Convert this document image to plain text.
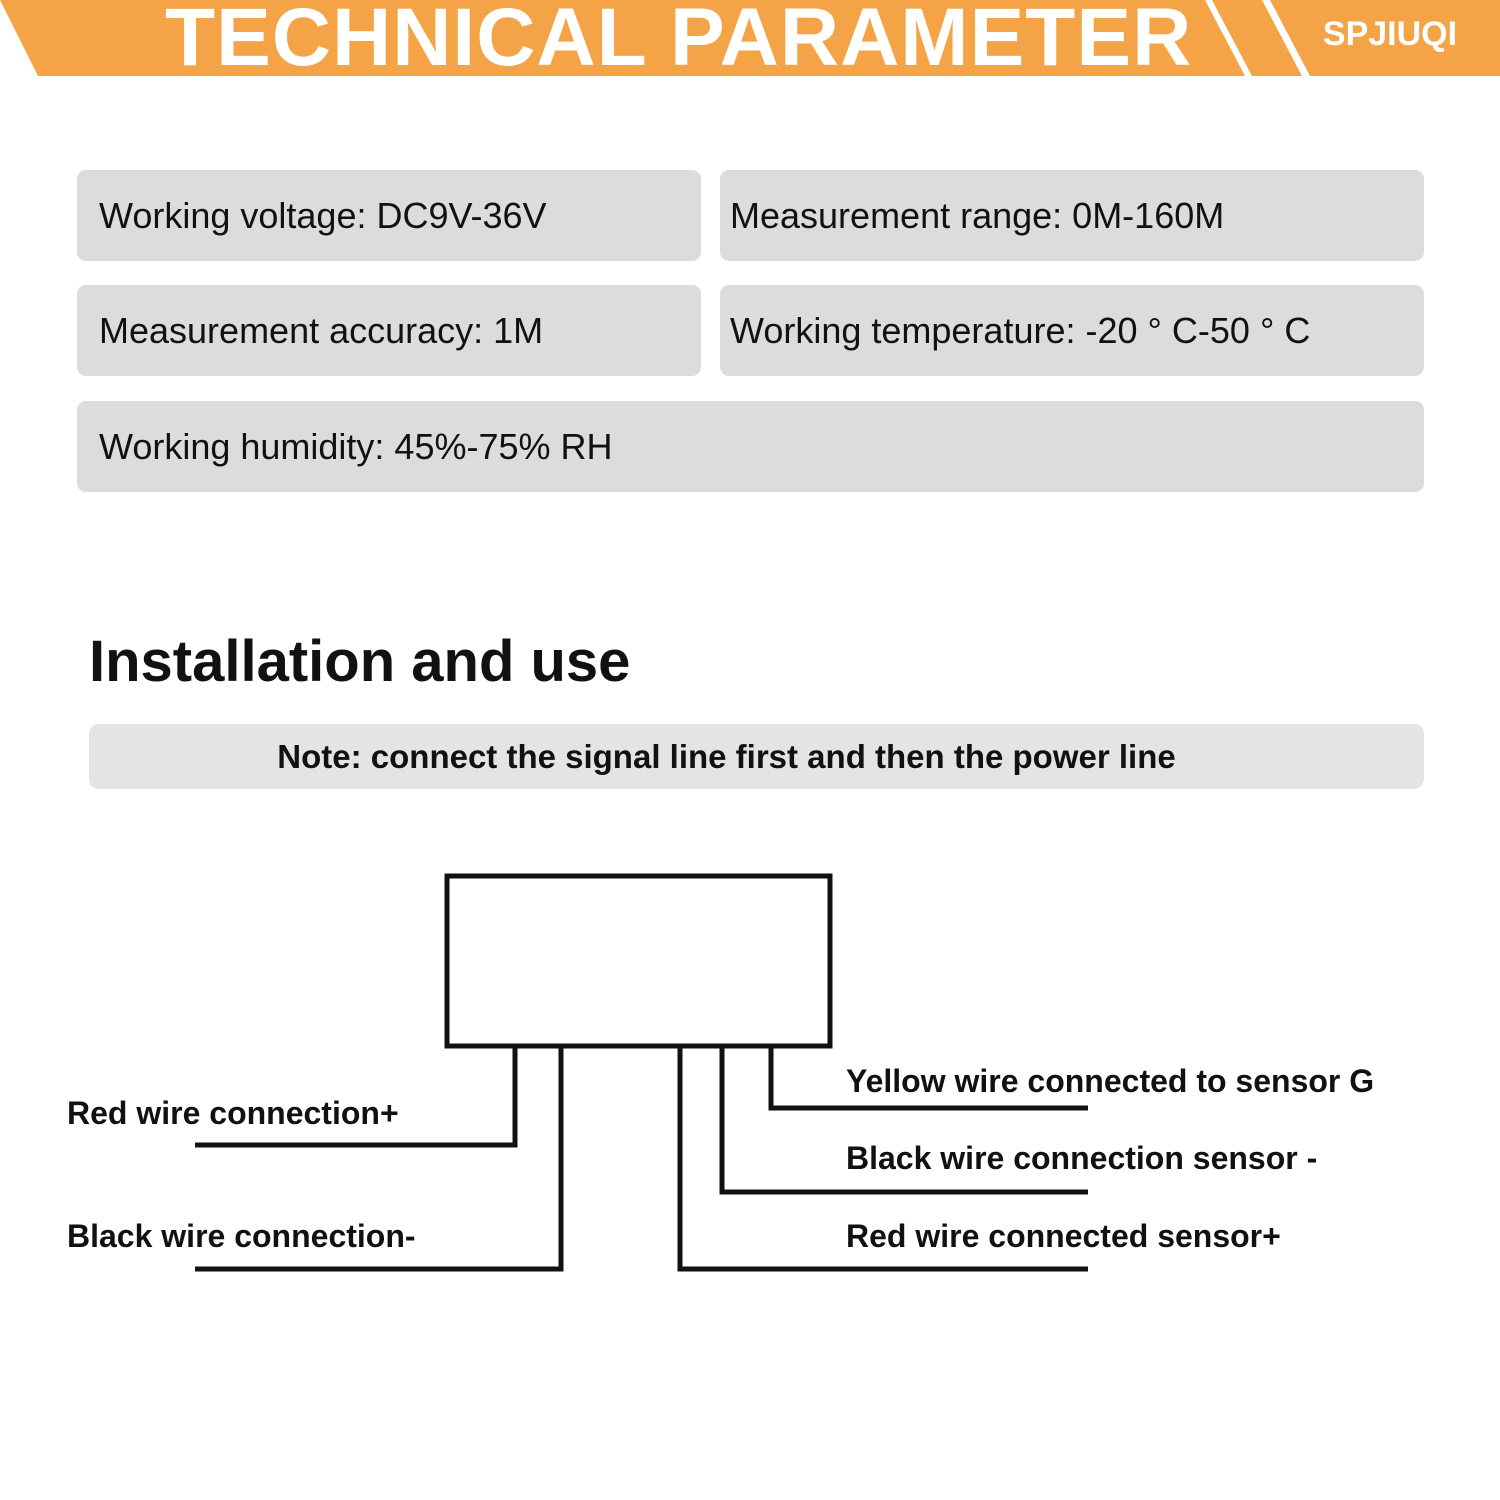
TECHNICAL PARAMETER	SPJIUQI
Working voltage: DC9V-36V	Measurement range: 0M-160M
Measurement accuracy: 1M	Working temperature: -20 ° C-50 ° C
Working humidity: 45%-75% RH
Installation and use
Note: connect the signal line first and then the power line
Red wire connection+
Black wire connection-
Yellow wire connected to sensor G
Black wire connection sensor -
Red wire connected sensor+
